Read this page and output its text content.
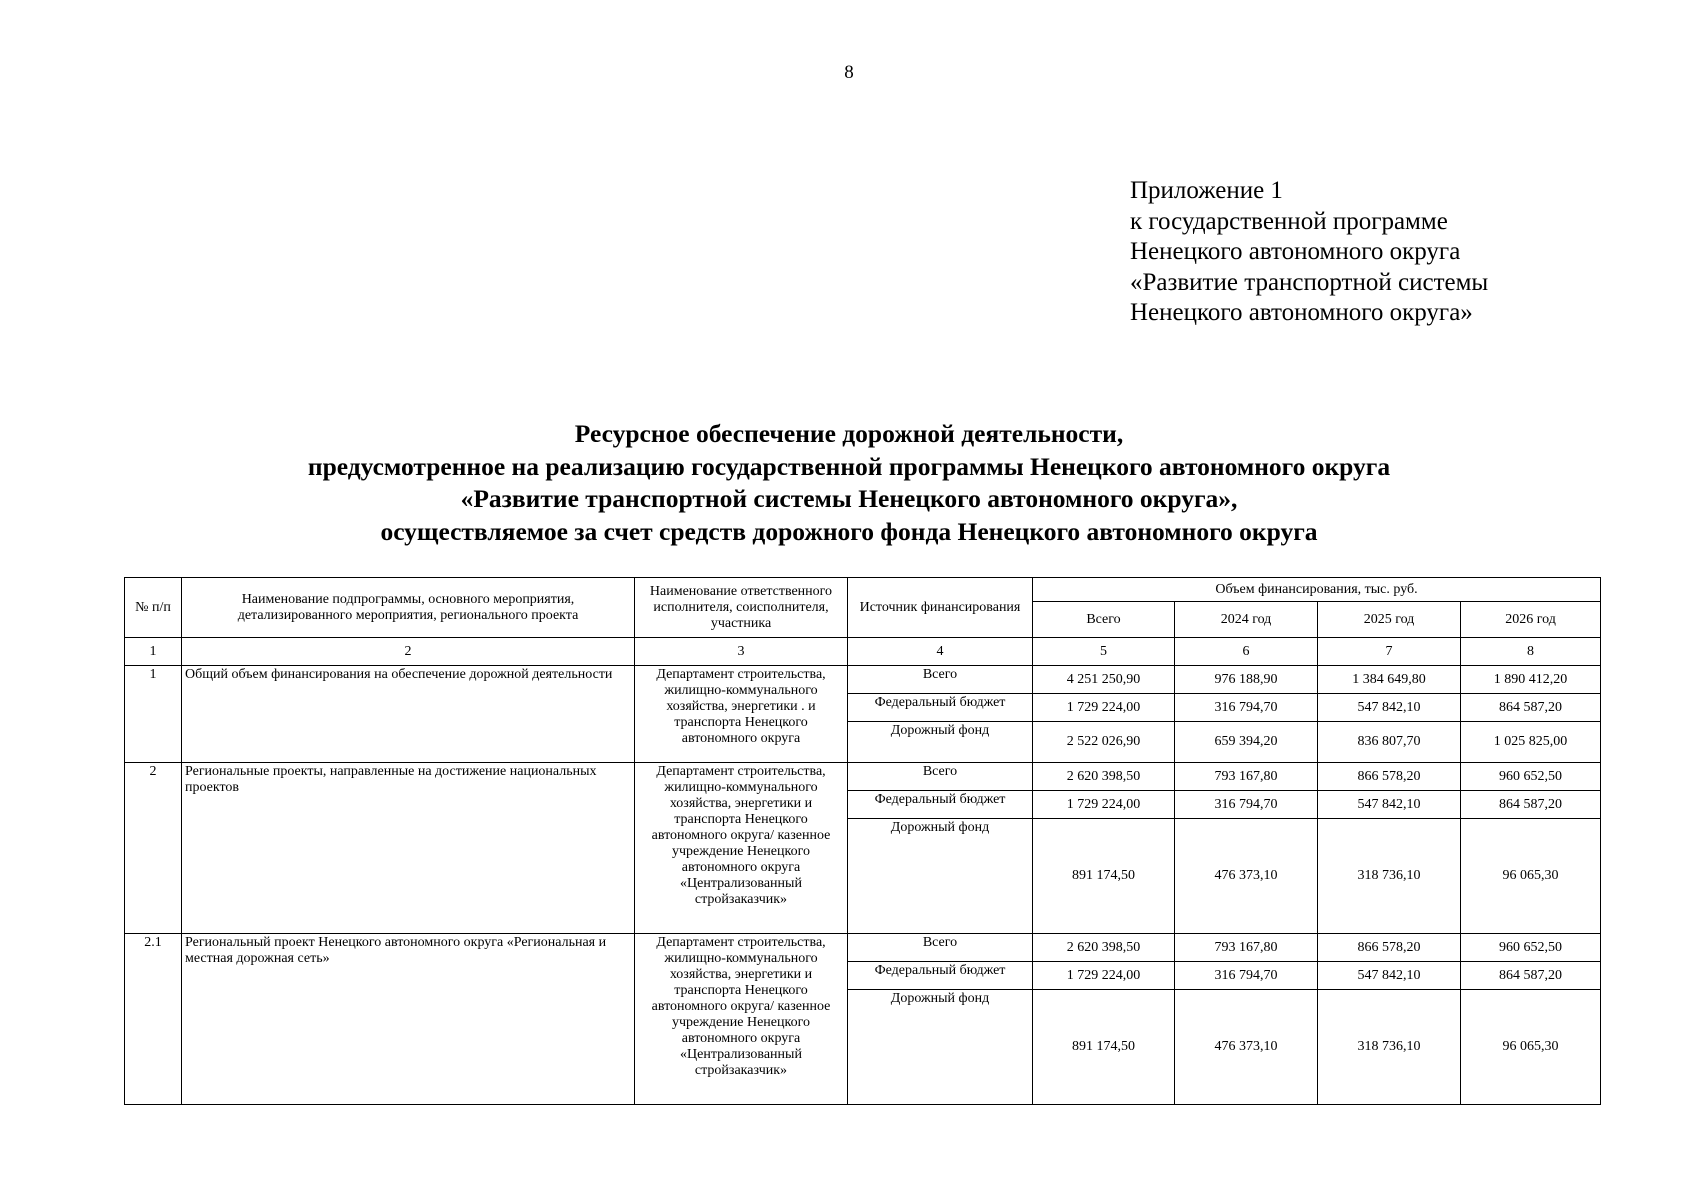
8
Приложение 1
к государственной программе
Ненецкого автономного округа
«Развитие транспортной системы
Ненецкого автономного округа»
Ресурсное обеспечение дорожной деятельности,
предусмотренное на реализацию государственной программы Ненецкого автономного округа
«Развитие транспортной системы Ненецкого автономного округа»,
осуществляемое за счет средств дорожного фонда Ненецкого автономного округа
№ п/п	Наименование подпрограммы, основного мероприятия, детализированного мероприятия, регионального проекта	Наименование ответственного исполнителя, соисполнителя, участника	Источник финансирования	Объем финансирования, тыс. руб.			
				Всего	2024 год	2025 год	2026 год
1	2	3	4	5	6	7	8
1	Общий объем финансирования на обеспечение дорожной деятельности	Департамент строительства, жилищно-коммунального хозяйства, энергетики . и транспорта Ненецкого автономного округа	Всего	4 251 250,90	976 188,90	1 384 649,80	1 890 412,20
			Федеральный бюджет	1 729 224,00	316 794,70	547 842,10	864 587,20
			Дорожный фонд	2 522 026,90	659 394,20	836 807,70	1 025 825,00
2	Региональные проекты, направленные на достижение национальных проектов	Департамент строительства, жилищно-коммунального хозяйства, энергетики и транспорта Ненецкого автономного округа/ казенное учреждение Ненецкого автономного округа «Централизованный стройзаказчик»	Всего	2 620 398,50	793 167,80	866 578,20	960 652,50
			Федеральный бюджет	1 729 224,00	316 794,70	547 842,10	864 587,20
			Дорожный фонд	891 174,50	476 373,10	318 736,10	96 065,30
2.1	Региональный проект Ненецкого автономного округа «Региональная и местная дорожная сеть»	Департамент строительства, жилищно-коммунального хозяйства, энергетики и транспорта Ненецкого автономного округа/ казенное учреждение Ненецкого автономного округа «Централизованный стройзаказчик»	Всего	2 620 398,50	793 167,80	866 578,20	960 652,50
			Федеральный бюджет	1 729 224,00	316 794,70	547 842,10	864 587,20
			Дорожный фонд	891 174,50	476 373,10	318 736,10	96 065,30
